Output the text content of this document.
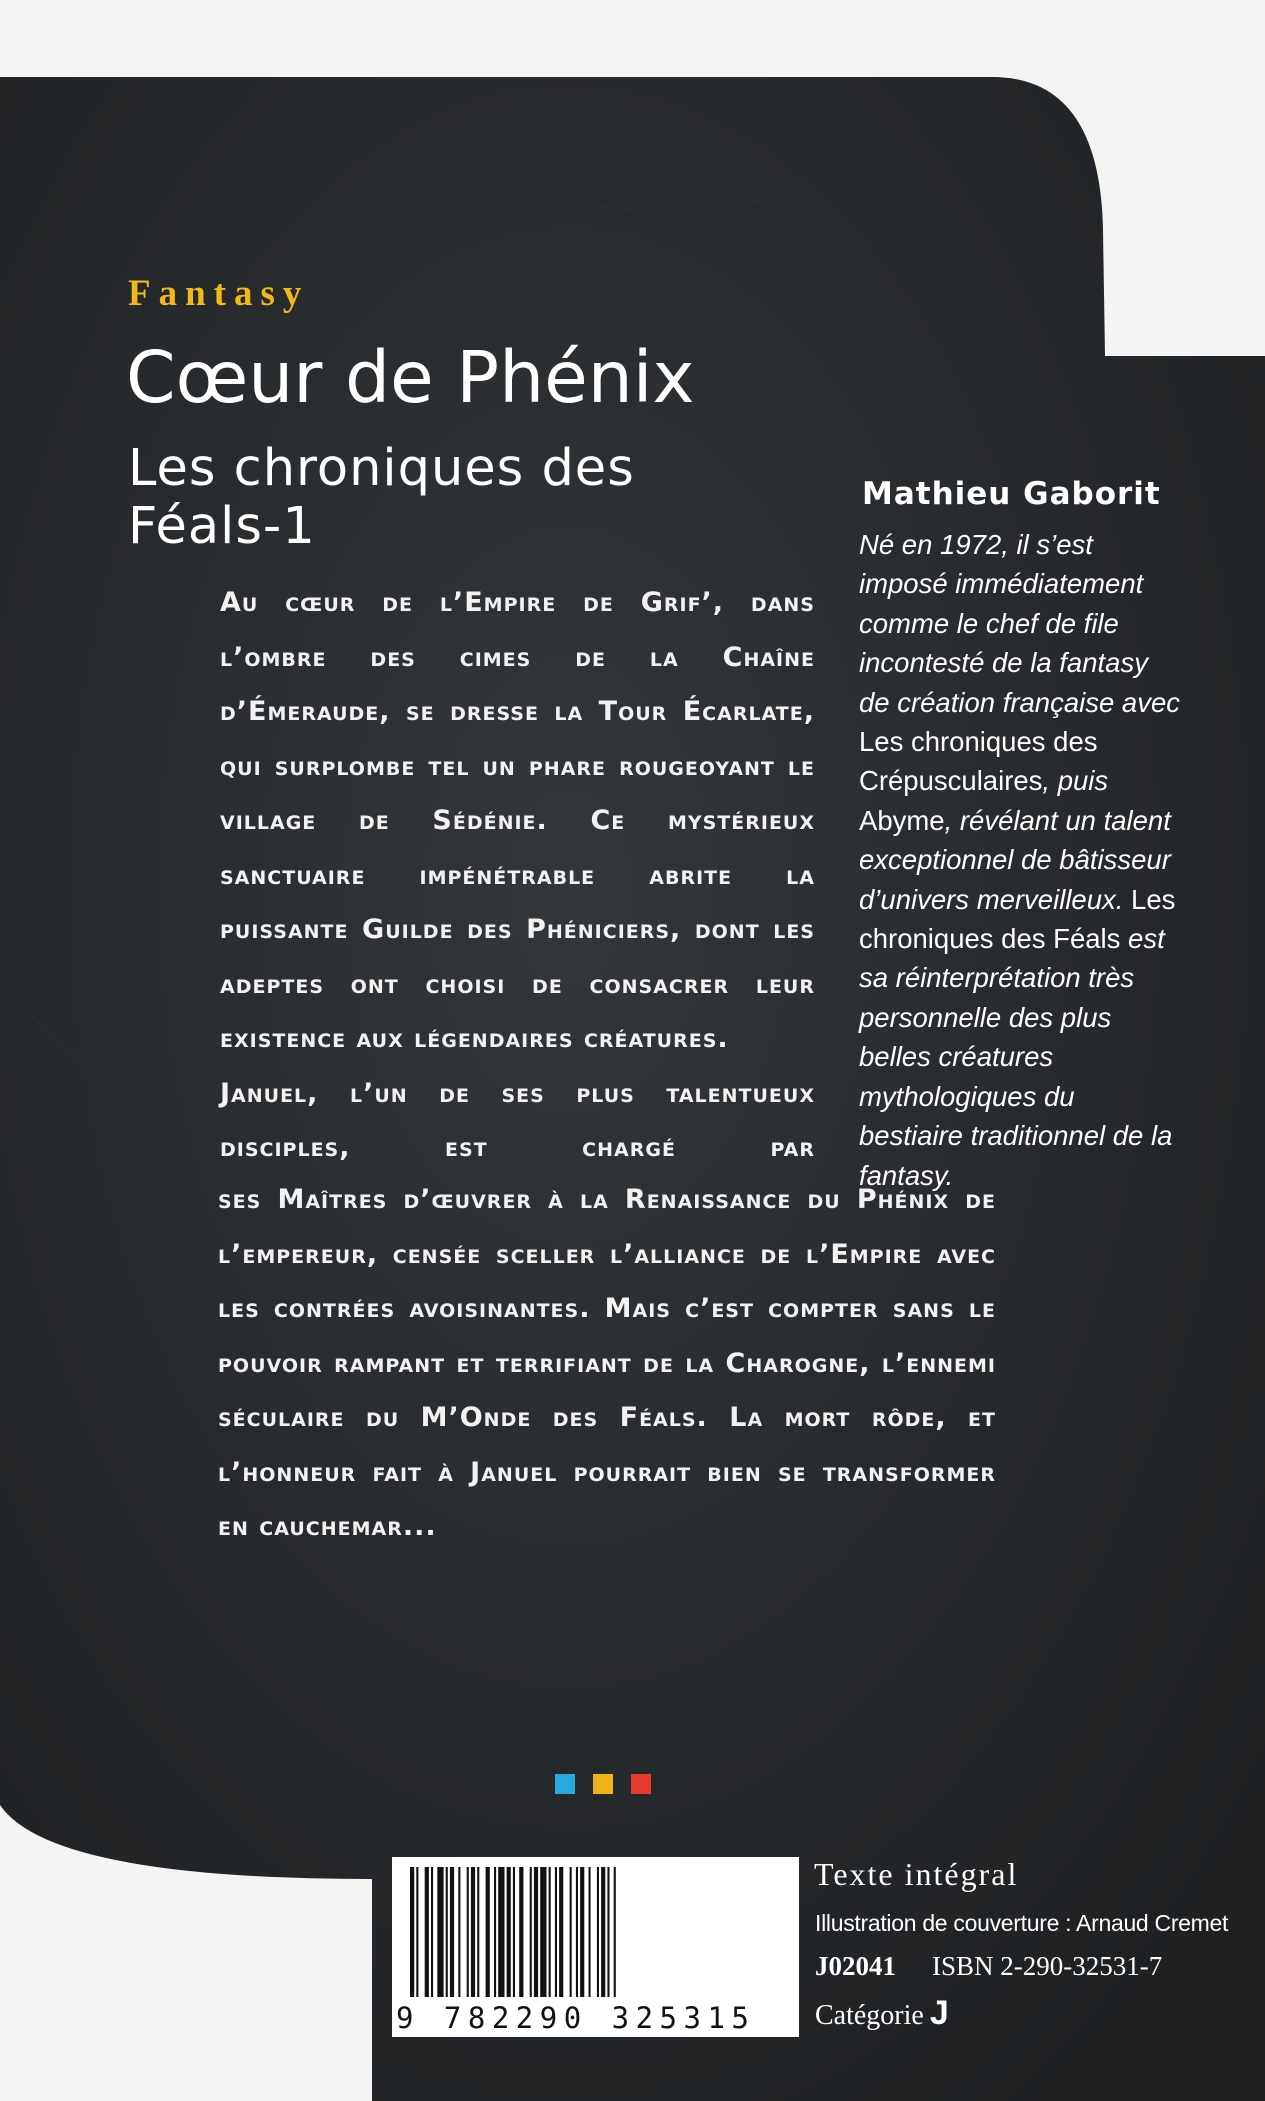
Fantasy
Cœur de Phénix
Les chroniques des Féals-1

Au cœur de l’Empire de Grif’, dans l’ombre des cimes de la Chaîne d’Émeraude, se dresse la Tour Écarlate, qui surplombe tel un phare rougeoyant le village de Sédénie. Ce mystérieux sanctuaire impénétrable abrite la puissante Guilde des Phéniciers, dont les adeptes ont choisi de consacrer leur existence aux légendaires créatures.

Januel, l’un de ses plus talentueux disciples, est chargé par

ses Maîtres d’œuvrer à la Renaissance du Phénix de l’empereur, censée sceller l’alliance de l’Empire avec les contrées avoisinantes. Mais c’est compter sans le pouvoir rampant et terrifiant de la Charogne, l’ennemi séculaire du M’Onde des Féals. La mort rôde, et l’honneur fait à Januel pourrait bien se transformer en cauchemar...

Mathieu Gaborit
Né en 1972, il s’est imposé immédiatement comme le chef de file incontesté de la fantasy de création française avec Les chroniques des Crépusculaires, puis Abyme, révélant un talent exceptionnel de bâtisseur d’univers merveilleux. Les chroniques des Féals est sa réinterprétation très personnelle des plus belles créatures mythologiques du bestiaire traditionnel de la fantasy.
9 782290 325315
Texte intégral
Illustration de couverture : Arnaud Cremet
J02041 ISBN 2-290-32531-7
Catégorie J
